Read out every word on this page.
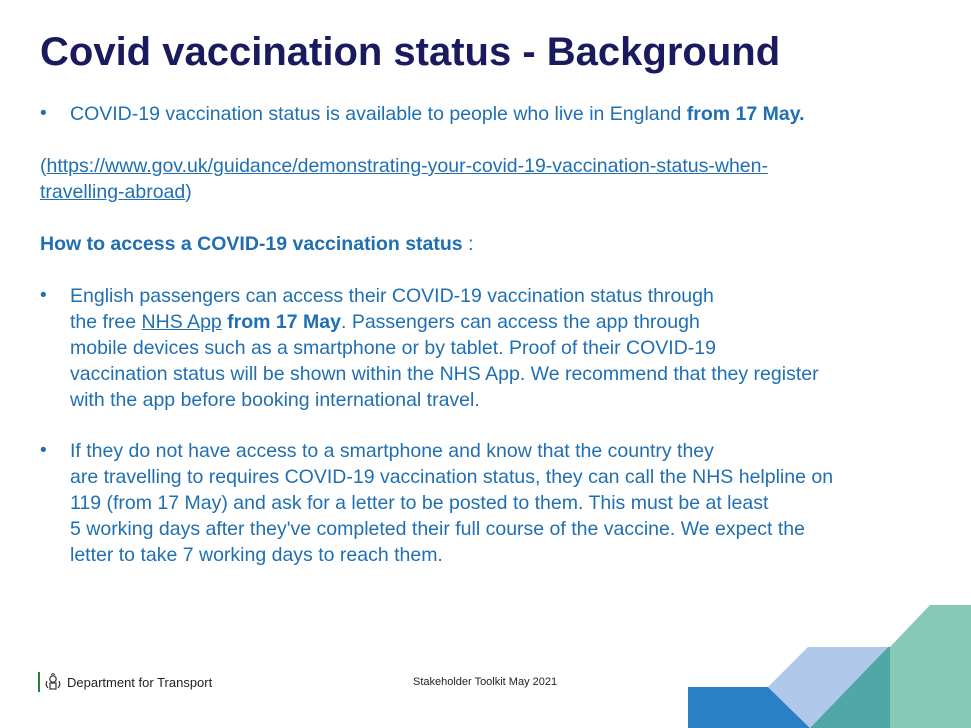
Covid vaccination status - Background
• COVID-19 vaccination status is available to people who live in England from 17 May.
(https://www.gov.uk/guidance/demonstrating-your-covid-19-vaccination-status-when-
travelling-abroad)
How to access a COVID-19 vaccination status :
• English passengers can access their COVID-19 vaccination status through
the free NHS App from 17 May. Passengers can access the app through
mobile devices such as a smartphone or by tablet. Proof of their COVID-19
vaccination status will be shown within the NHS App. We recommend that they register
with the app before booking international travel.
• If they do not have access to a smartphone and know that the country they
are travelling to requires COVID-19 vaccination status, they can call the NHS helpline on
119 (from 17 May) and ask for a letter to be posted to them. This must be at least
5 working days after they've completed their full course of the vaccine. We expect the
letter to take 7 working days to reach them.
Department for Transport	Stakeholder Toolkit May 2021
